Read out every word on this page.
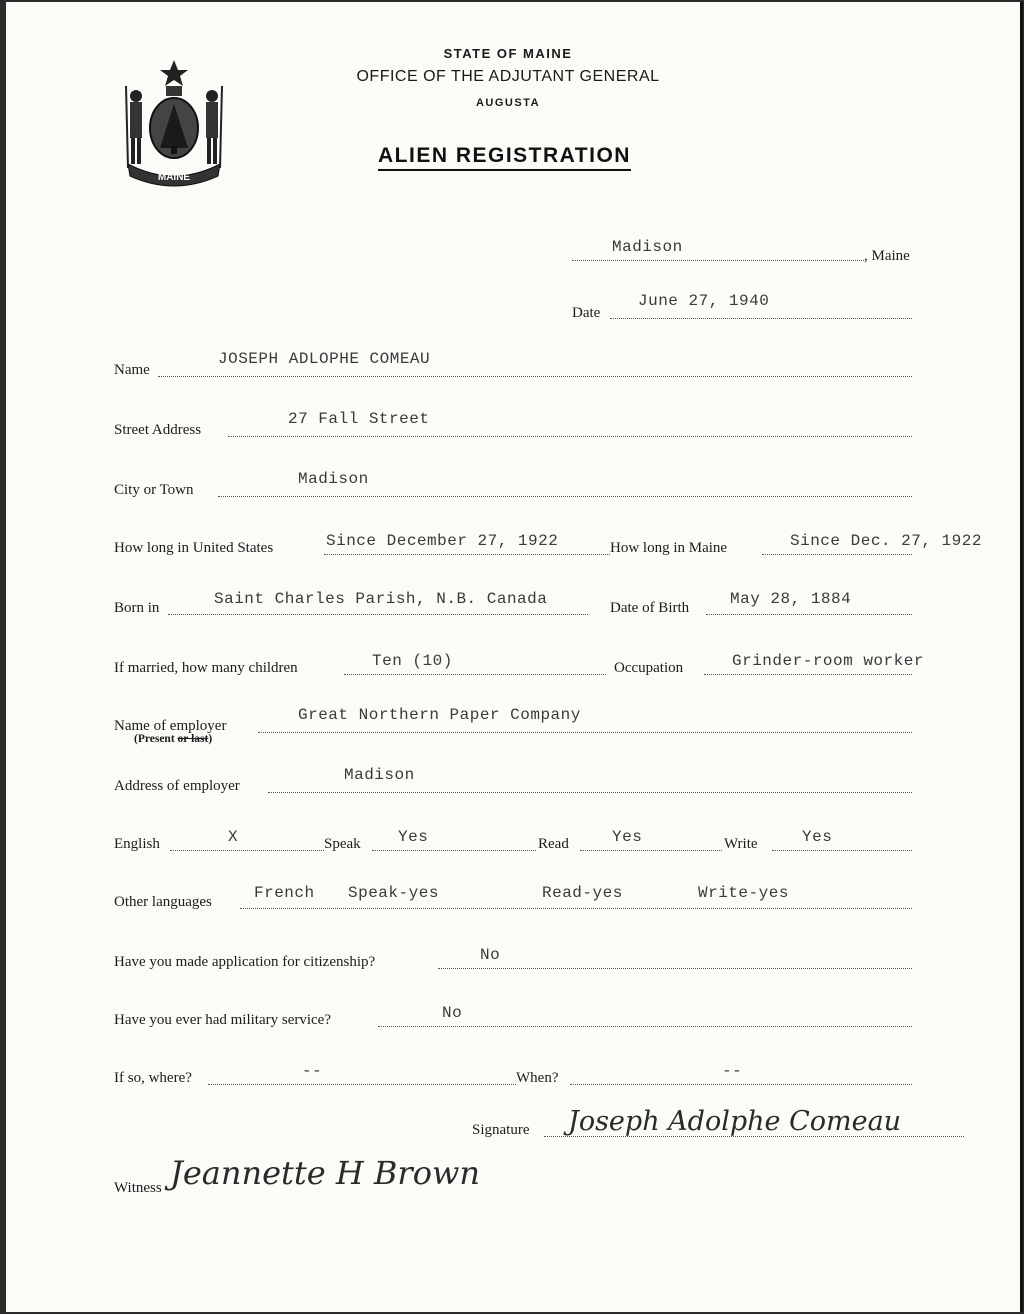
MAINE
STATE OF MAINE
OFFICE OF THE ADJUTANT GENERAL
AUGUSTA
ALIEN REGISTRATION
Madison	, Maine
Date
June 27, 1940
Name
JOSEPH ADLOPHE COMEAU
Street Address
27 Fall Street
City or Town
Madison
How long in United States	Since December 27, 1922	How long in Maine	Since Dec. 27, 1922
Born in	Saint Charles Parish, N.B. Canada	Date of Birth	May 28, 1884
If married, how many children	Ten (10)	Occupation	Grinder-room worker
Name of employer
(Present or last)
Great Northern Paper Company
Address of employer
Madison
English	X	Speak Yes	Read	Yes	Write	Yes
Other languages	French Speak-yes	Read-yes	Write-yes
Have you made application for citizenship?	No
Have you ever had military service?	No
If so, where?	--	When?	--
Signature Joseph Adolphe Comeau
Witness Jeannette H Brown
